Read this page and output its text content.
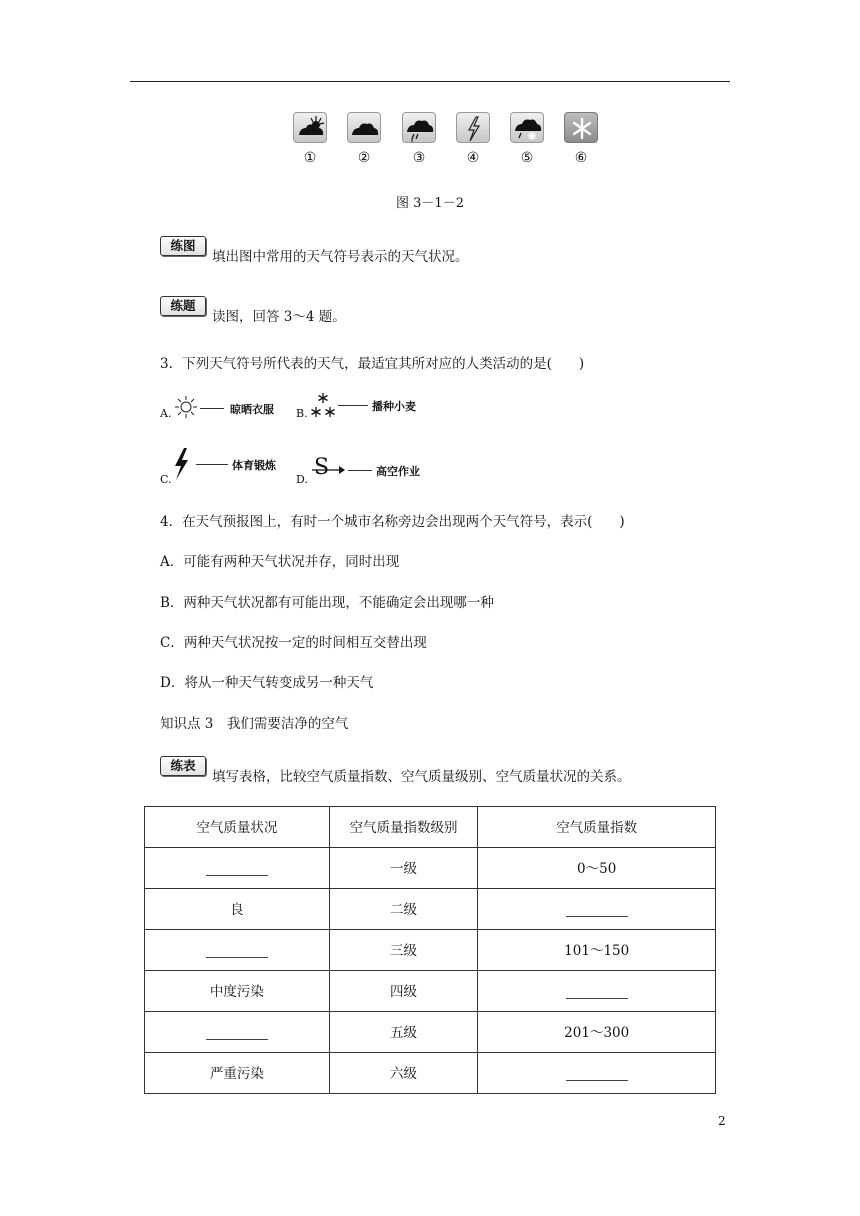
①	②	③	④	⑤	⑥
图 3－1－2
练图
填出图中常用的天气符号表示的天气状况。
练题
读图，回答 3～4 题。
3．下列天气符号所代表的天气，最适宜其所对应的人类活动的是(　　)
A.	晾晒衣服 B.
播种小麦
C.
体育锻炼
D. S	高空作业
4．在天气预报图上，有时一个城市名称旁边会出现两个天气符号，表示(　　)
A．可能有两种天气状况并存，同时出现
B．两种天气状况都有可能出现，不能确定会出现哪一种
C．两种天气状况按一定的时间相互交替出现
D．将从一种天气转变成另一种天气
知识点 3　我们需要洁净的空气
练表
填写表格，比较空气质量指数、空气质量级别、空气质量状况的关系。
空气质量状况	空气质量指数级别	空气质量指数
	一级	0～50
良	二级	
	三级	101～150
中度污染	四级	
	五级	201～300
严重污染	六级	
2
